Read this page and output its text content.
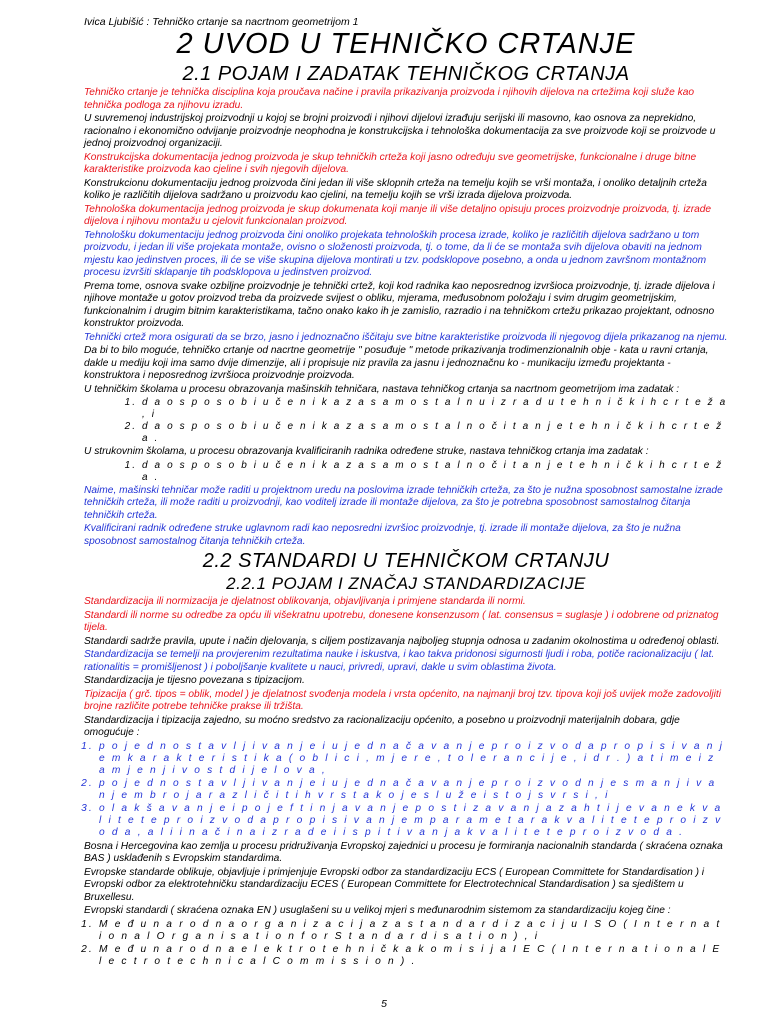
Ivica Ljubišić : Tehničko crtanje sa nacrtnom geometrijom 1
2 UVOD U TEHNIČKO CRTANJE
2.1 POJAM I ZADATAK TEHNIČKOG CRTANJA

Tehničko crtanje je tehnička disciplina koja proučava načine i pravila prikazivanja proizvoda i njihovih dijelova na crtežima koji služe kao tehnička podloga za njihovu izradu.

U suvremenoj industrijskoj proizvodnji u kojoj se brojni proizvodi i njihovi dijelovi izrađuju serijski ili masovno, kao osnova za neprekidno, racionalno i ekonomično odvijanje proizvodnje neophodna je konstrukcijska i tehnološka dokumentacija za sve proizvode koji se proizvode u jednoj proizvodnoj organizaciji.

Konstrukcijska dokumentacija jednog proizvoda je skup tehničkih crteža koji jasno određuju sve geometrijske, funkcionalne i druge bitne karakteristike proizvoda kao cjeline i svih njegovih dijelova.

Konstrukcionu dokumentaciju jednog proizvoda čini jedan ili više sklopnih crteža na temelju kojih se vrši montaža, i onoliko detaljnih crteža koliko je različitih dijelova sadržano u proizvodu kao cjelini, na temelju kojih se vrši izrada dijelova proizvoda.

Tehnološka dokumentacija jednog proizvoda je skup dokumenata koji manje ili više detaljno opisuju proces proizvodnje proizvoda, tj. izrade dijelova i njihovu montažu u cjelovit funkcionalan proizvod.

Tehnološku dokumentaciju jednog proizvoda čini onoliko projekata tehnoloških procesa izrade, koliko je različitih dijelova sadržano u tom proizvodu, i jedan ili više projekata montaže, ovisno o složenosti proizvoda, tj. o tome, da li će se montaža svih dijelova obaviti na jednom mjestu kao jedinstven proces, ili će se više skupina dijelova montirati u tzv. podsklopove posebno, a onda u jednom završnom montažnom procesu izvršiti sklapanje tih podsklopova u jedinstven proizvod.

Prema tome, osnova svake ozbiljne proizvodnje je tehnički crtež, koji kod radnika kao neposrednog izvršioca proizvodnje, tj. izrade dijelova i njihove montaže u gotov proizvod treba da proizvede svijest o obliku, mjerama, međusobnom položaju i svim drugim geometrijskim, funkcionalnim i drugim bitnim karakteristikama, tačno onako kako ih je zamislio, razradio i na tehničkom crtežu prikazao projektant, odnosno konstruktor proizvoda.

Tehnički crtež mora osigurati da se brzo, jasno i jednoznačno iščitaju sve bitne karakteristike proizvoda ili njegovog dijela prikazanog na njemu.

Da bi to bilo moguće, tehničko crtanje od nacrtne geometrije " posuđuje " metode prikazivanja trodimenzionalnih obje - kata u ravni crtanja, dakle u mediju koji ima samo dvije dimenzije, ali i propisuje niz pravila za jasnu i jednoznačnu ko - munikaciju između projektanta - konstruktora i neposrednog izvršioca proizvodnje proizvoda.

U tehničkim školama u procesu obrazovanja mašinskih tehničara, nastava tehničkog crtanja sa nacrtnom geometrijom ima zadatak :

1. d a o s p o s o b i u č e n i k a z a s a m o s t a l n u i z r a d u t e h n i č k i h c r t e ž a , i
2. d a o s p o s o b i u č e n i k a z a s a m o s t a l n o č i t a n j e t e h n i č k i h c r t e ž a .

U strukovnim školama, u procesu obrazovanja kvalificiranih radnika određene struke, nastava tehničkog crtanja ima zadatak :

1. d a o s p o s o b i u č e n i k a z a s a m o s t a l n o č i t a n j e t e h n i č k i h c r t e ž a .

Naime, mašinski tehničar može raditi u projektnom uredu na poslovima izrade tehničkih crteža, za što je nužna sposobnost samostalne izrade tehničkih crteža, ili može raditi u proizvodnji, kao voditelj izrade ili montaže dijelova, za što je potrebna sposobnost samostalnog čitanja tehničkih crteža.

Kvalificirani radnik određene struke uglavnom radi kao neposredni izvršioc proizvodnje, tj. izrade ili montaže dijelova, za što je nužna sposobnost samostalnog čitanja tehničkih crteža.

2.2 STANDARDI U TEHNIČKOM CRTANJU
2.2.1 POJAM I ZNAČAJ STANDARDIZACIJE

Standardizacija ili normizacija je djelatnost oblikovanja, objavljivanja i primjene standarda ili normi.

Standardi ili norme su odredbe za opću ili višekratnu upotrebu, donesene konsenzusom ( lat. consensus = suglasje ) i odobrene od priznatog tijela.

Standardi sadrže pravila, upute i način djelovanja, s ciljem postizavanja najboljeg stupnja odnosa u zadanim okolnostima u određenoj oblasti.

Standardizacija se temelji na provjerenim rezultatima nauke i iskustva, i kao takva pridonosi sigurnosti ljudi i roba, potiče racionalizaciju ( lat. rationalitis = promišljenost ) i poboljšanje kvalitete u nauci, privredi, upravi, dakle u svim oblastima života.

Standardizacija je tijesno povezana s tipizacijom.

Tipizacija ( grč. tipos = oblik, model ) je djelatnost svođenja modela i vrsta općenito, na najmanji broj tzv. tipova koji još uvijek može zadovoljiti brojne različite potrebe tehničke prakse ili tržišta.

Standardizacija i tipizacija zajedno, su moćno sredstvo za racionalizaciju općenito, a posebno u proizvodnji materijalnih dobara, gdje omogućuje :

1. p o j e d n o s t a v l j i v a n j e i u j e d n a č a v a n j e p r o i z v o d a p r o p i s i v a n j e m k a r a k t e r i s t i k a ( o b l i c i , m j e r e , t o l e r a n c i j e , i d r . ) a t i m e i z a m j e n j i v o s t d i j e l o v a ,
2. p o j e d n o s t a v l j i v a n j e i u j e d n a č a v a n j e p r o i z v o d n j e s m a n j i v a n j e m b r o j a r a z l i č i t i h v r s t a k o j e s l u ž e i s t o j s v r s i , i
3. o l a k š a v a n j e i p o j e f t i n j a v a n j e p o s t i z a v a n j a z a h t i j e v a n e k v a l i t e t e p r o i z v o d a p r o p i s i v a n j e m p a r a m e t a r a k v a l i t e t e p r o i z v o d a , a l i i n a č i n a i z r a d e i i s p i t i v a n j a k v a l i t e t e p r o i z v o d a .

Bosna i Hercegovina kao zemlja u procesu pridruživanja Evropskoj zajednici u procesu je formiranja nacionalnih standarda ( skraćena oznaka BAS ) usklađenih s Evropskim standardima.

Evropske standarde oblikuje, objavljuje i primjenjuje Evropski odbor za standardizaciju ECS ( European Committete for Standardisation ) i Evropski odbor za elektrotehničku standardizaciju ECES ( European Committete for Electrotechnical Standardisation ) sa sjedištem u Bruxellesu.

Evropski standardi ( skraćena oznaka EN ) usuglašeni su u velikoj mjeri s međunarodnim sistemom za standardizaciju kojeg čine :

1. M e đ u n a r o d n a o r g a n i z a c i j a z a s t a n d a r d i z a c i j u I S O ( I n t e r n a t i o n a l O r g a n i s a t i o n f o r S t a n d a r d i s a t i o n ) , i
2. M e đ u n a r o d n a e l e k t r o t e h n i č k a k o m i s i j a I E C ( I n t e r n a t i o n a l E l e c t r o t e c h n i c a l C o m m i s s i o n ) .
5
